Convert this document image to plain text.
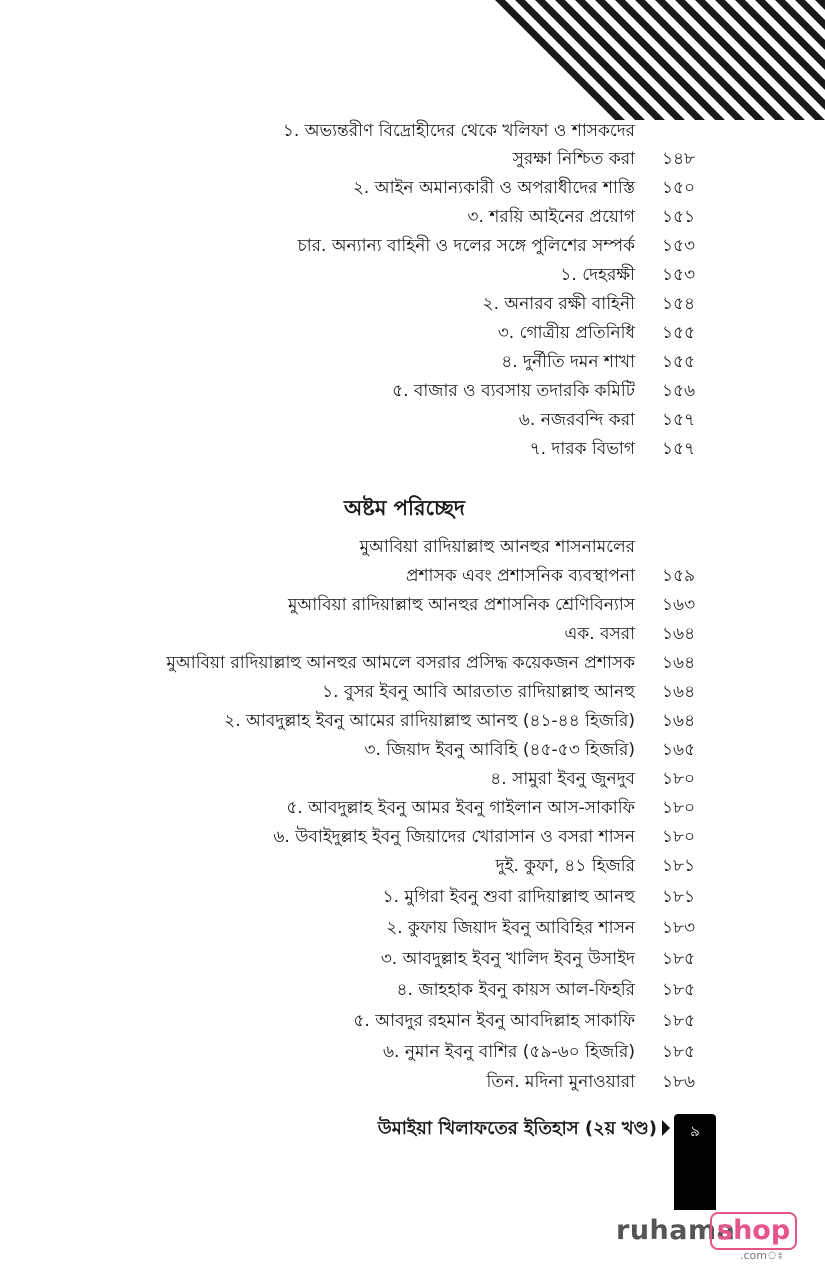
১. অভ্যন্তরীণ বিদ্রোহীদের থেকে খলিফা ও শাসকদের
সুরক্ষা নিশ্চিত করা ১৪৮
২. আইন অমান্যকারী ও অপরাধীদের শাস্তি ১৫০
৩. শরয়ি আইনের প্রয়োগ ১৫১
চার. অন্যান্য বাহিনী ও দলের সঙ্গে পুলিশের সম্পর্ক ১৫৩
১. দেহরক্ষী ১৫৩
২. অনারব রক্ষী বাহিনী ১৫৪
৩. গোত্রীয় প্রতিনিধি ১৫৫
৪. দুর্নীতি দমন শাখা ১৫৫
৫. বাজার ও ব্যবসায় তদারকি কমিটি ১৫৬
৬. নজরবন্দি করা ১৫৭
৭. দারক বিভাগ ১৫৭
অষ্টম পরিচ্ছেদ
মুআবিয়া রাদিয়াল্লাহু আনহুর শাসনামলের
প্রশাসক এবং প্রশাসনিক ব্যবস্থাপনা ১৫৯
মুআবিয়া রাদিয়াল্লাহু আনহুর প্রশাসনিক শ্রেণিবিন্যাস ১৬৩
এক. বসরা ১৬৪
মুআবিয়া রাদিয়াল্লাহু আনহুর আমলে বসরার প্রসিদ্ধ কয়েকজন প্রশাসক ১৬৪
১. বুসর ইবনু আবি আরতাত রাদিয়াল্লাহু আনহু ১৬৪
২. আবদুল্লাহ ইবনু আমের রাদিয়াল্লাহু আনহু (৪১-৪৪ হিজরি) ১৬৪
৩. জিয়াদ ইবনু আবিহি (৪৫-৫৩ হিজরি) ১৬৫
৪. সামুরা ইবনু জুনদুব ১৮০
৫. আবদুল্লাহ ইবনু আমর ইবনু গাইলান আস-সাকাফি ১৮০
৬. উবাইদুল্লাহ ইবনু জিয়াদের খোরাসান ও বসরা শাসন ১৮০
দুই. কুফা, ৪১ হিজরি ১৮১
১. মুগিরা ইবনু শুবা রাদিয়াল্লাহু আনহু ১৮১
২. কুফায় জিয়াদ ইবনু আবিহির শাসন ১৮৩
৩. আবদুল্লাহ ইবনু খালিদ ইবনু উসাইদ ১৮৫
৪. জাহহাক ইবনু কায়স আল-ফিহরি ১৮৫
৫. আবদুর রহমান ইবনু আবদিল্লাহ সাকাফি ১৮৫
৬. নুমান ইবনু বাশির (৫৯-৬০ হিজরি) ১৮৫
তিন. মদিনা মুনাওয়ারা ১৮৬
উমাইয়া খিলাফতের ইতিহাস (২য় খণ্ড)	৯
ruhama
shop
.comঃ
